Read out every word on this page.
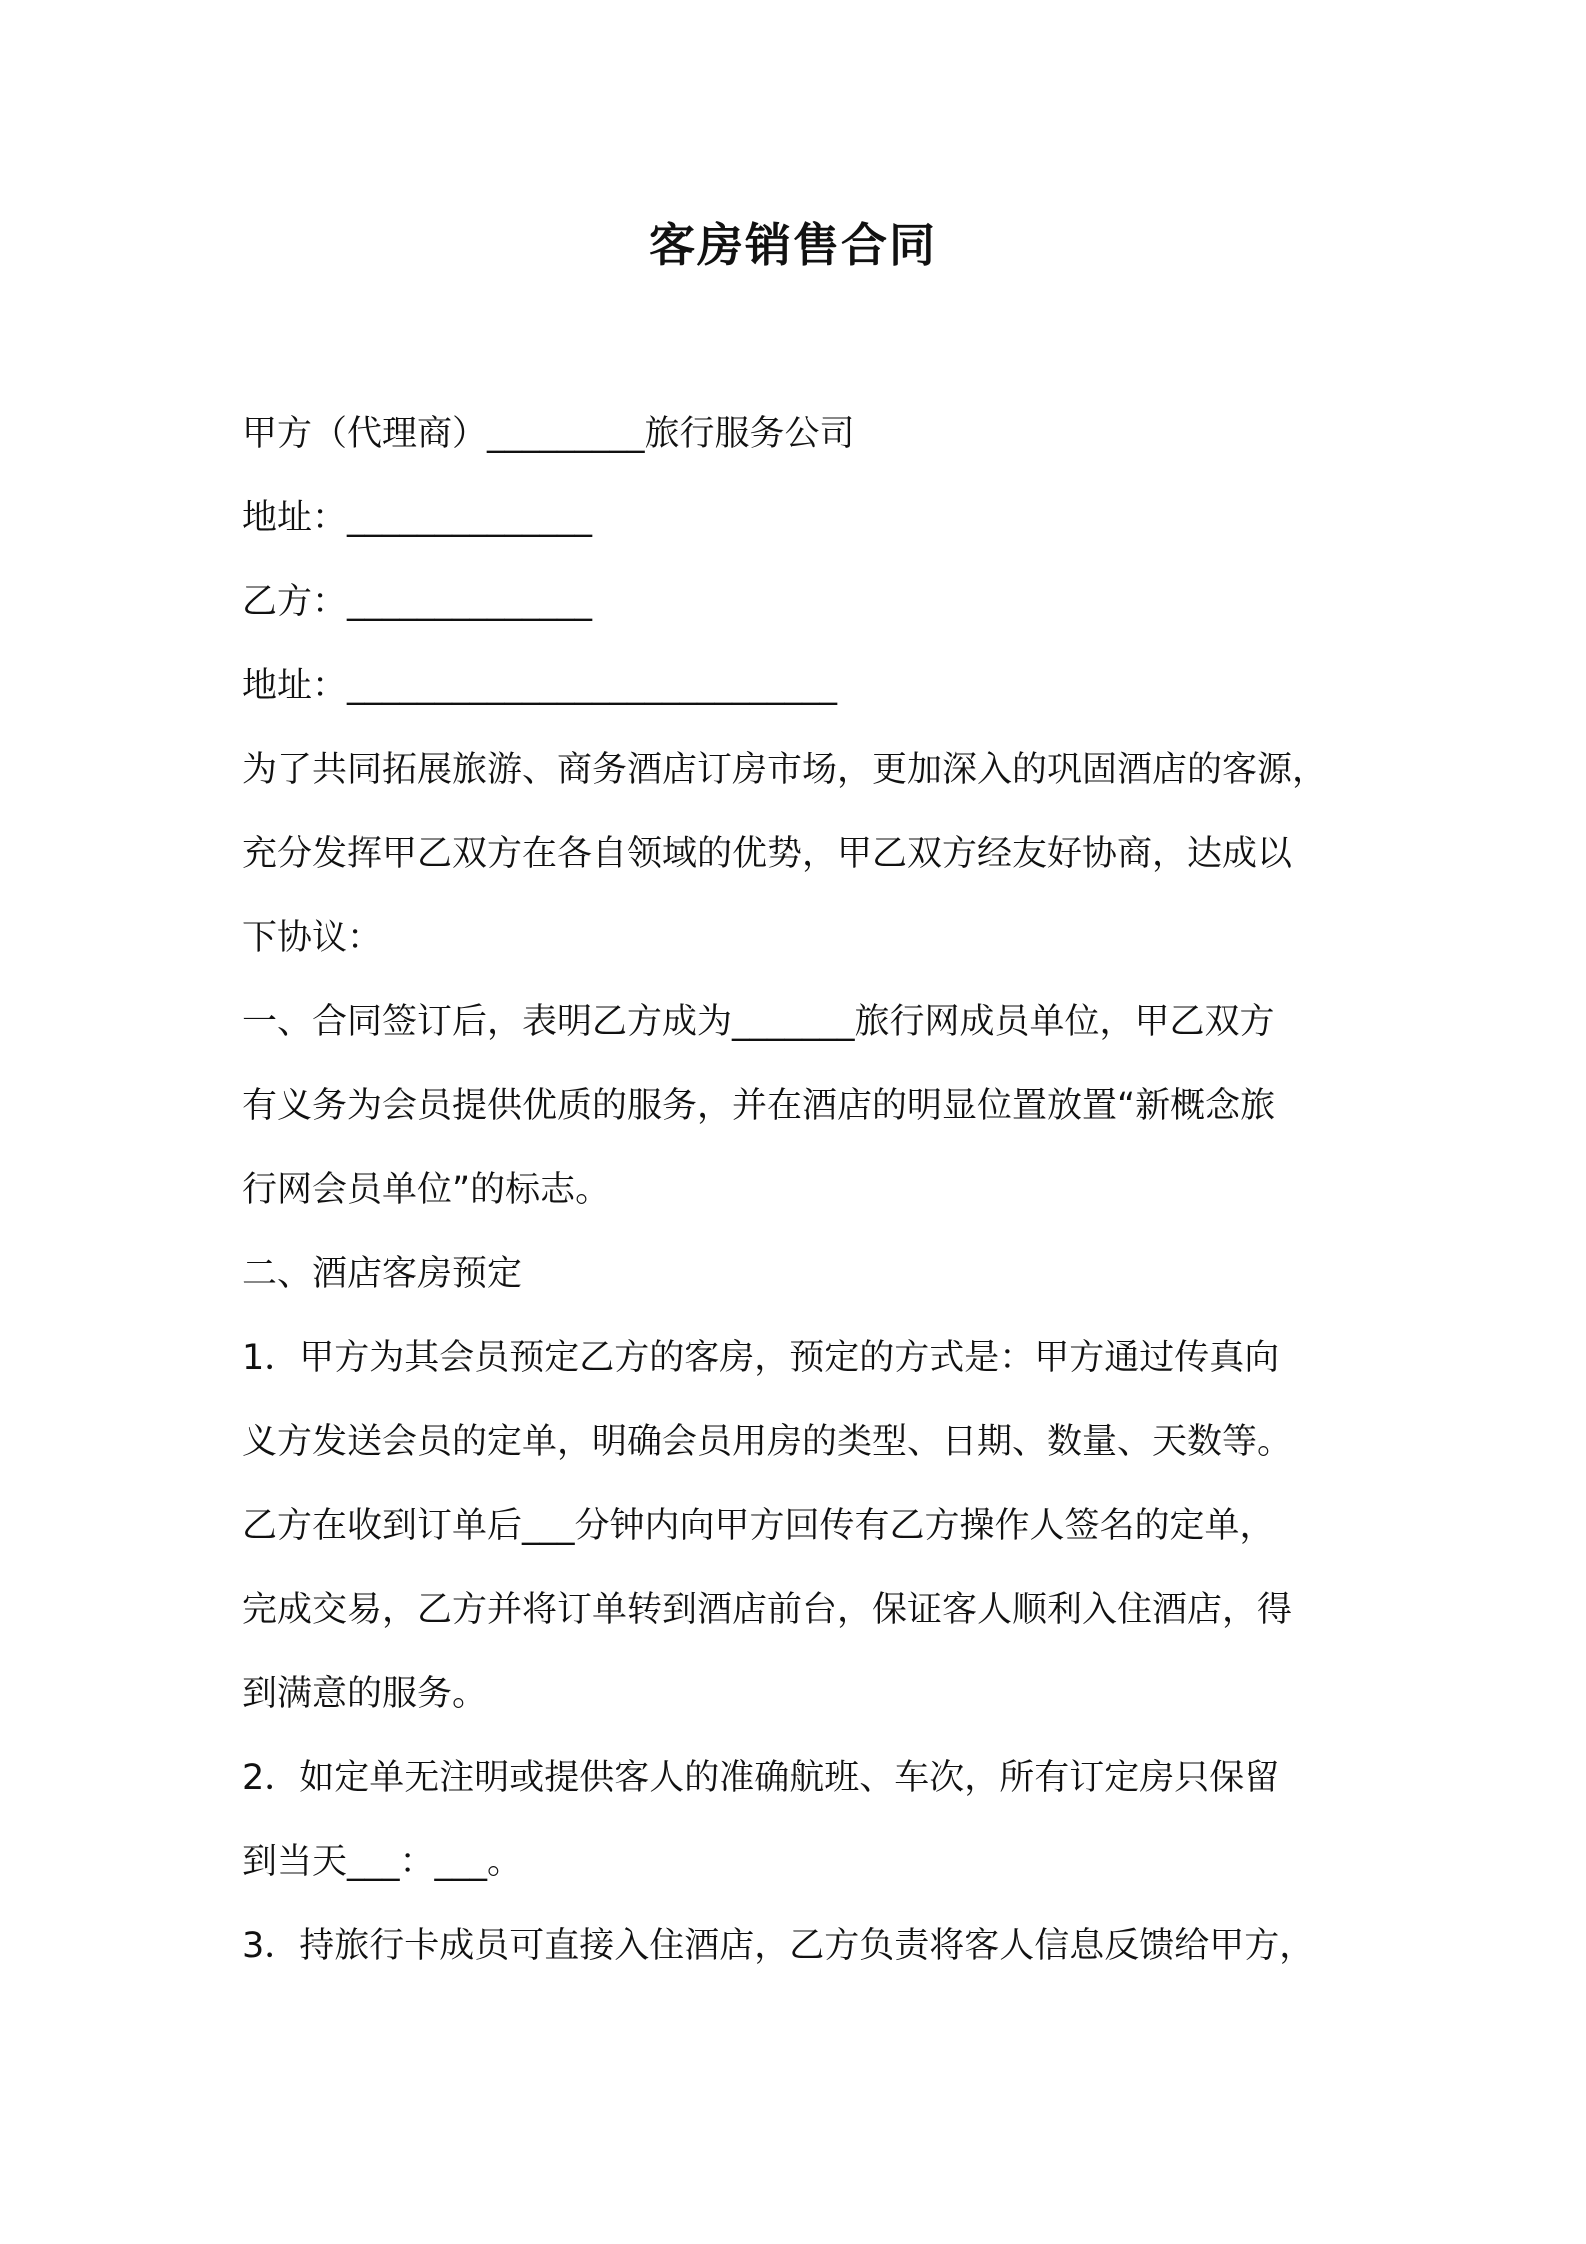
客房销售合同
甲方（代理商）_________旅行服务公司
地址：______________
乙方：______________
地址：____________________________
为了共同拓展旅游、商务酒店订房市场，更加深入的巩固酒店的客源，
充分发挥甲乙双方在各自领域的优势，甲乙双方经友好协商，达成以
下协议：
一、合同签订后，表明乙方成为_______旅行网成员单位，甲乙双方
有义务为会员提供优质的服务，并在酒店的明显位置放置“新概念旅
行网会员单位”的标志。
二、酒店客房预定
1．甲方为其会员预定乙方的客房，预定的方式是：甲方通过传真向
义方发送会员的定单，明确会员用房的类型、日期、数量、天数等。
乙方在收到订单后___分钟内向甲方回传有乙方操作人签名的定单，
完成交易，乙方并将订单转到酒店前台，保证客人顺利入住酒店，得
到满意的服务。
2．如定单无注明或提供客人的准确航班、车次，所有订定房只保留
到当天___：___。
3．持旅行卡成员可直接入住酒店，乙方负责将客人信息反馈给甲方，
